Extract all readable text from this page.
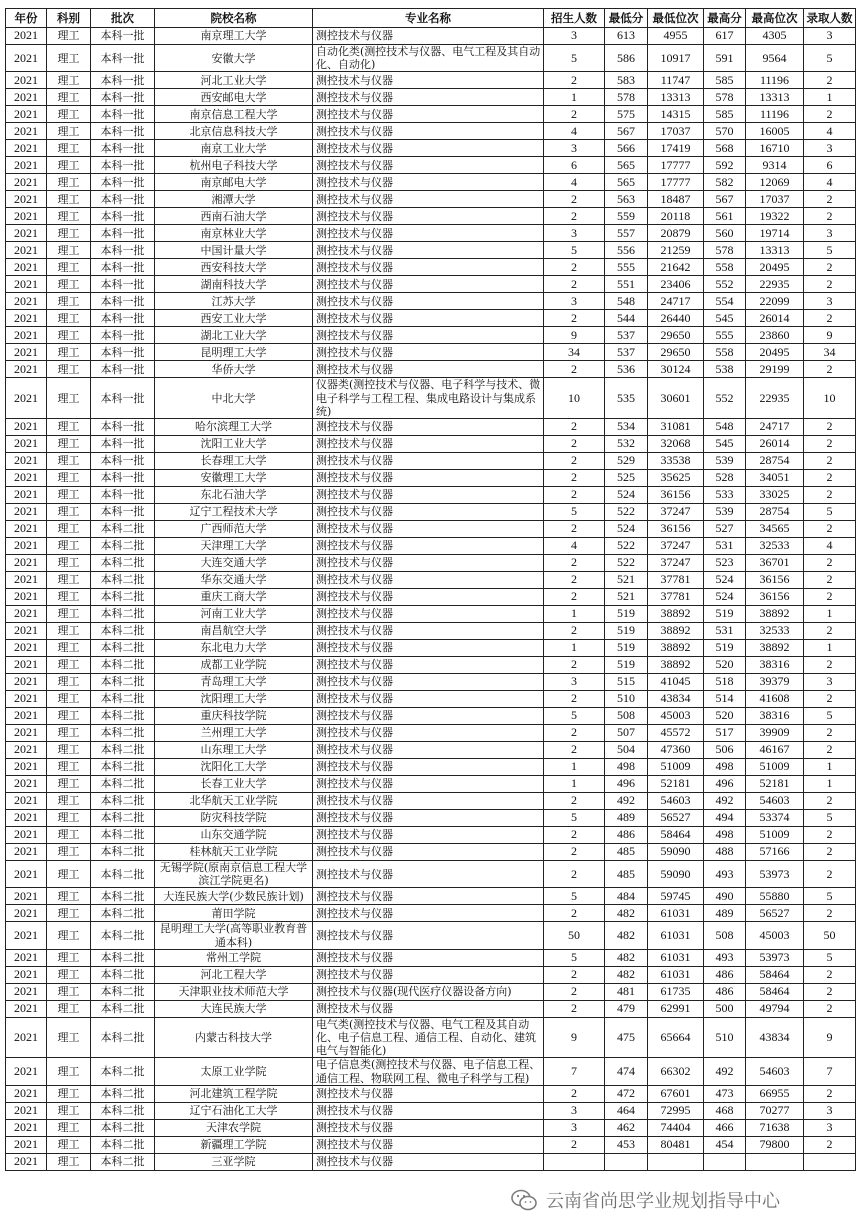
年份	科别	批次	院校名称	专业名称	招生人数	最低分	最低位次	最高分	最高位次	录取人数
2021	理工	本科一批	南京理工大学	测控技术与仪器	3	613	4955	617	4305	3
2021	理工	本科一批	安徽大学	自动化类(测控技术与仪器、电气工程及其自动化、自动化)	5	586	10917	591	9564	5
2021	理工	本科一批	河北工业大学	测控技术与仪器	2	583	11747	585	11196	2
2021	理工	本科一批	西安邮电大学	测控技术与仪器	1	578	13313	578	13313	1
2021	理工	本科一批	南京信息工程大学	测控技术与仪器	2	575	14315	585	11196	2
2021	理工	本科一批	北京信息科技大学	测控技术与仪器	4	567	17037	570	16005	4
2021	理工	本科一批	南京工业大学	测控技术与仪器	3	566	17419	568	16710	3
2021	理工	本科一批	杭州电子科技大学	测控技术与仪器	6	565	17777	592	9314	6
2021	理工	本科一批	南京邮电大学	测控技术与仪器	4	565	17777	582	12069	4
2021	理工	本科一批	湘潭大学	测控技术与仪器	2	563	18487	567	17037	2
2021	理工	本科一批	西南石油大学	测控技术与仪器	2	559	20118	561	19322	2
2021	理工	本科一批	南京林业大学	测控技术与仪器	3	557	20879	560	19714	3
2021	理工	本科一批	中国计量大学	测控技术与仪器	5	556	21259	578	13313	5
2021	理工	本科一批	西安科技大学	测控技术与仪器	2	555	21642	558	20495	2
2021	理工	本科一批	湖南科技大学	测控技术与仪器	2	551	23406	552	22935	2
2021	理工	本科一批	江苏大学	测控技术与仪器	3	548	24717	554	22099	3
2021	理工	本科一批	西安工业大学	测控技术与仪器	2	544	26440	545	26014	2
2021	理工	本科一批	湖北工业大学	测控技术与仪器	9	537	29650	555	23860	9
2021	理工	本科一批	昆明理工大学	测控技术与仪器	34	537	29650	558	20495	34
2021	理工	本科一批	华侨大学	测控技术与仪器	2	536	30124	538	29199	2
2021	理工	本科一批	中北大学	仪器类(测控技术与仪器、电子科学与技术、微电子科学与工程工程、集成电路设计与集成系统)	10	535	30601	552	22935	10
2021	理工	本科一批	哈尔滨理工大学	测控技术与仪器	2	534	31081	548	24717	2
2021	理工	本科一批	沈阳工业大学	测控技术与仪器	2	532	32068	545	26014	2
2021	理工	本科一批	长春理工大学	测控技术与仪器	2	529	33538	539	28754	2
2021	理工	本科一批	安徽理工大学	测控技术与仪器	2	525	35625	528	34051	2
2021	理工	本科一批	东北石油大学	测控技术与仪器	2	524	36156	533	33025	2
2021	理工	本科一批	辽宁工程技术大学	测控技术与仪器	5	522	37247	539	28754	5
2021	理工	本科二批	广西师范大学	测控技术与仪器	2	524	36156	527	34565	2
2021	理工	本科二批	天津理工大学	测控技术与仪器	4	522	37247	531	32533	4
2021	理工	本科二批	大连交通大学	测控技术与仪器	2	522	37247	523	36701	2
2021	理工	本科二批	华东交通大学	测控技术与仪器	2	521	37781	524	36156	2
2021	理工	本科二批	重庆工商大学	测控技术与仪器	2	521	37781	524	36156	2
2021	理工	本科二批	河南工业大学	测控技术与仪器	1	519	38892	519	38892	1
2021	理工	本科二批	南昌航空大学	测控技术与仪器	2	519	38892	531	32533	2
2021	理工	本科二批	东北电力大学	测控技术与仪器	1	519	38892	519	38892	1
2021	理工	本科二批	成都工业学院	测控技术与仪器	2	519	38892	520	38316	2
2021	理工	本科二批	青岛理工大学	测控技术与仪器	3	515	41045	518	39379	3
2021	理工	本科二批	沈阳理工大学	测控技术与仪器	2	510	43834	514	41608	2
2021	理工	本科二批	重庆科技学院	测控技术与仪器	5	508	45003	520	38316	5
2021	理工	本科二批	兰州理工大学	测控技术与仪器	2	507	45572	517	39909	2
2021	理工	本科二批	山东理工大学	测控技术与仪器	2	504	47360	506	46167	2
2021	理工	本科二批	沈阳化工大学	测控技术与仪器	1	498	51009	498	51009	1
2021	理工	本科二批	长春工业大学	测控技术与仪器	1	496	52181	496	52181	1
2021	理工	本科二批	北华航天工业学院	测控技术与仪器	2	492	54603	492	54603	2
2021	理工	本科二批	防灾科技学院	测控技术与仪器	5	489	56527	494	53374	5
2021	理工	本科二批	山东交通学院	测控技术与仪器	2	486	58464	498	51009	2
2021	理工	本科二批	桂林航天工业学院	测控技术与仪器	2	485	59090	488	57166	2
2021	理工	本科二批	无锡学院(原南京信息工程大学滨江学院更名)	测控技术与仪器	2	485	59090	493	53973	2
2021	理工	本科二批	大连民族大学(少数民族计划)	测控技术与仪器	5	484	59745	490	55880	5
2021	理工	本科二批	莆田学院	测控技术与仪器	2	482	61031	489	56527	2
2021	理工	本科二批	昆明理工大学(高等职业教育普通本科)	测控技术与仪器	50	482	61031	508	45003	50
2021	理工	本科二批	常州工学院	测控技术与仪器	5	482	61031	493	53973	5
2021	理工	本科二批	河北工程大学	测控技术与仪器	2	482	61031	486	58464	2
2021	理工	本科二批	天津职业技术师范大学	测控技术与仪器(现代医疗仪器设备方向)	2	481	61735	486	58464	2
2021	理工	本科二批	大连民族大学	测控技术与仪器	2	479	62991	500	49794	2
2021	理工	本科二批	内蒙古科技大学	电气类(测控技术与仪器、电气工程及其自动化、电子信息工程、通信工程、自动化、建筑电气与智能化)	9	475	65664	510	43834	9
2021	理工	本科二批	太原工业学院	电子信息类(测控技术与仪器、电子信息工程、通信工程、物联网工程、微电子科学与工程)	7	474	66302	492	54603	7
2021	理工	本科二批	河北建筑工程学院	测控技术与仪器	2	472	67601	473	66955	2
2021	理工	本科二批	辽宁石油化工大学	测控技术与仪器	3	464	72995	468	70277	3
2021	理工	本科二批	天津农学院	测控技术与仪器	3	462	74404	466	71638	3
2021	理工	本科二批	新疆理工学院	测控技术与仪器	2	453	80481	454	79800	2
2021	理工	本科二批	三亚学院	测控技术与仪器						
云南省尚思学业规划指导中心
